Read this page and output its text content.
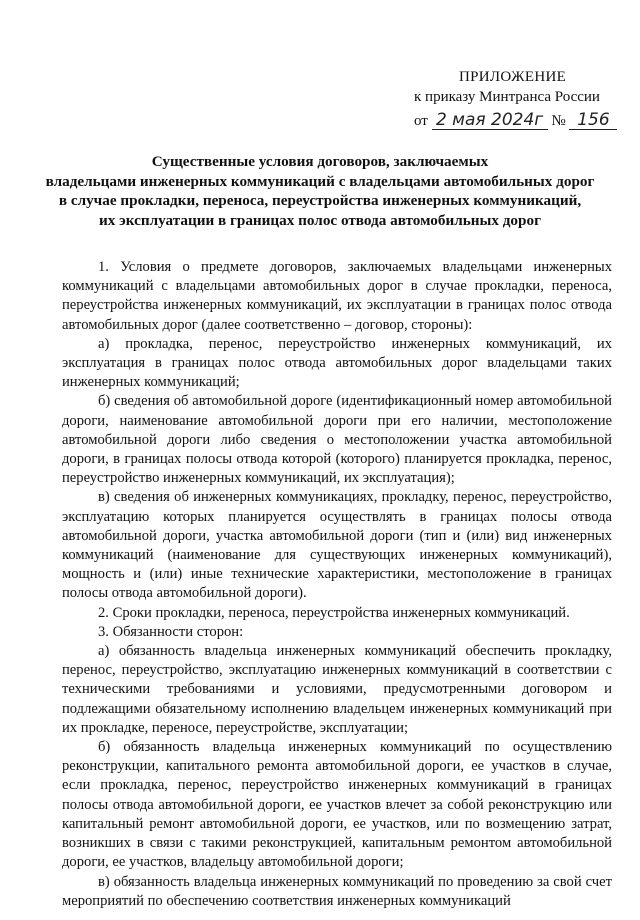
ПРИЛОЖЕНИЕ
к приказу Минтранса России
от 2 мая 2024г № 156
Существенные условия договоров, заключаемых
владельцами инженерных коммуникаций с владельцами автомобильных дорог
в случае прокладки, переноса, переустройства инженерных коммуникаций,
их эксплуатации в границах полос отвода автомобильных дорог

1. Условия о предмете договоров, заключаемых владельцами инженерных коммуникаций с владельцами автомобильных дорог в случае прокладки, переноса, переустройства инженерных коммуникаций, их эксплуатации в границах полос отвода автомобильных дорог (далее соответственно – договор, стороны):

а) прокладка, перенос, переустройство инженерных коммуникаций, их эксплуатация в границах полос отвода автомобильных дорог владельцами таких инженерных коммуникаций;

б) сведения об автомобильной дороге (идентификационный номер автомобильной дороги, наименование автомобильной дороги при его наличии, местоположение автомобильной дороги либо сведения о местоположении участка автомобильной дороги, в границах полосы отвода которой (которого) планируется прокладка, перенос, переустройство инженерных коммуникаций, их эксплуатация);

в) сведения об инженерных коммуникациях, прокладку, перенос, переустройство, эксплуатацию которых планируется осуществлять в границах полосы отвода автомобильной дороги, участка автомобильной дороги (тип и (или) вид инженерных коммуникаций (наименование для существующих инженерных коммуникаций), мощность и (или) иные технические характеристики, местоположение в границах полосы отвода автомобильной дороги).

2. Сроки прокладки, переноса, переустройства инженерных коммуникаций.

3. Обязанности сторон:

а) обязанность владельца инженерных коммуникаций обеспечить прокладку, перенос, переустройство, эксплуатацию инженерных коммуникаций в соответствии с техническими требованиями и условиями, предусмотренными договором и подлежащими обязательному исполнению владельцем инженерных коммуникаций при их прокладке, переносе, переустройстве, эксплуатации;

б) обязанность владельца инженерных коммуникаций по осуществлению реконструкции, капитального ремонта автомобильной дороги, ее участков в случае, если прокладка, перенос, переустройство инженерных коммуникаций в границах полосы отвода автомобильной дороги, ее участков влечет за собой реконструкцию или капитальный ремонт автомобильной дороги, ее участков, или по возмещению затрат, возникших в связи с такими реконструкцией, капитальным ремонтом автомобильной дороги, ее участков, владельцу автомобильной дороги;

в) обязанность владельца инженерных коммуникаций по проведению за свой счет мероприятий по обеспечению соответствия инженерных коммуникаций
